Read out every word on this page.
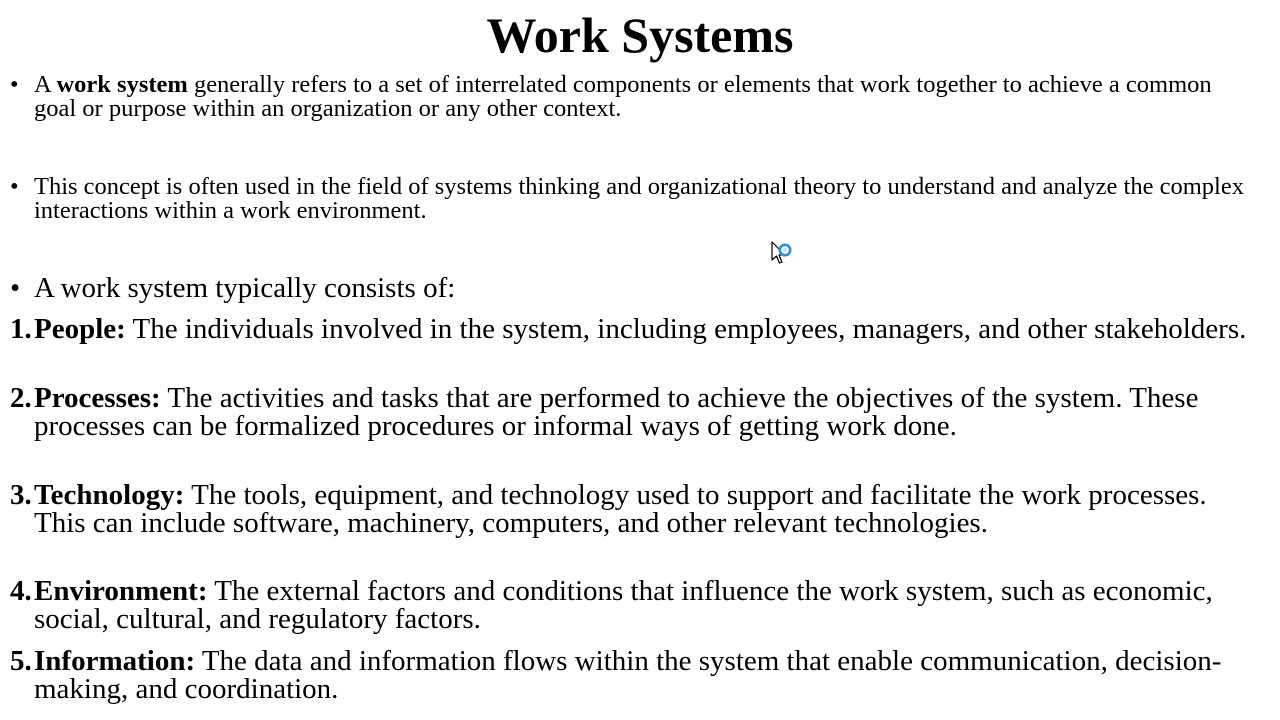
Work Systems
• A work system generally refers to a set of interrelated components or elements that work together to achieve a common goal or purpose within an organization or any other context.
• This concept is often used in the field of systems thinking and organizational theory to understand and analyze the complex interactions within a work environment.
• A work system typically consists of:
1. People: The individuals involved in the system, including employees, managers, and other stakeholders.
2. Processes: The activities and tasks that are performed to achieve the objectives of the system. These processes can be formalized procedures or informal ways of getting work done.
3. Technology: The tools, equipment, and technology used to support and facilitate the work processes. This can include software, machinery, computers, and other relevant technologies.
4. Environment: The external factors and conditions that influence the work system, such as economic, social, cultural, and regulatory factors.
5. Information: The data and information flows within the system that enable communication, decision-making, and coordination.
